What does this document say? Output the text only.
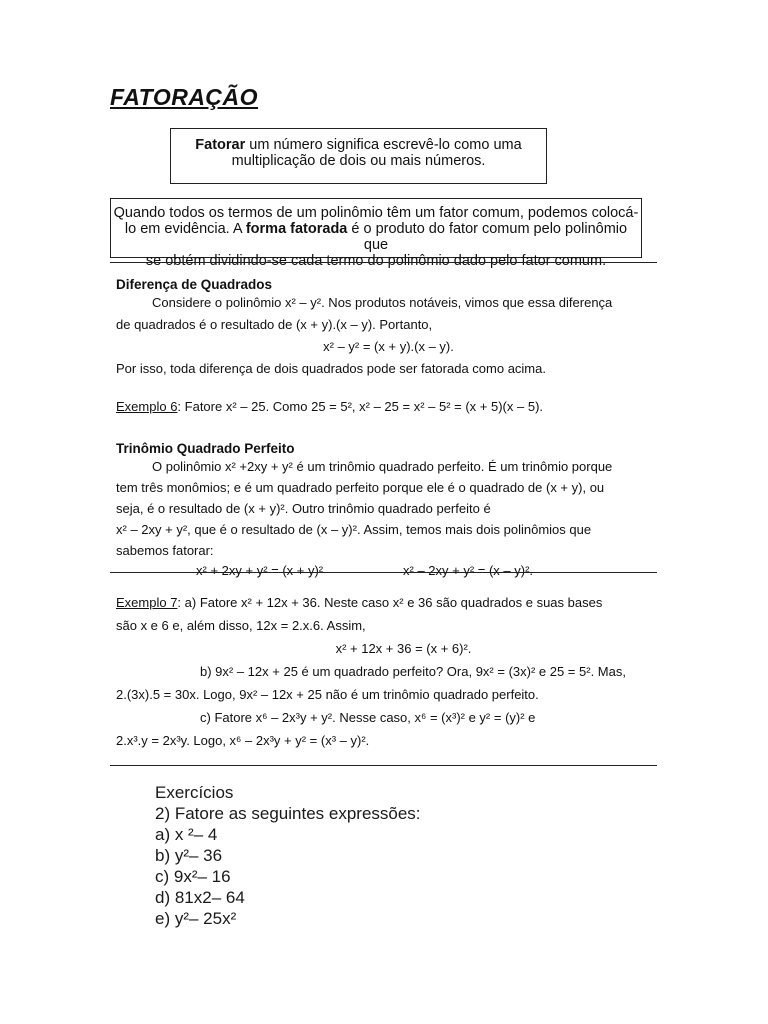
FATORAÇÃO
Fatorar um número significa escrevê-lo como uma
multiplicação de dois ou mais números.
Quando todos os termos de um polinômio têm um fator comum, podemos colocá-
lo em evidência. A forma fatorada é o produto do fator comum pelo polinômio que
se obtém dividindo-se cada termo do polinômio dado pelo fator comum.
Diferença de Quadrados
Considere o polinômio x² – y². Nos produtos notáveis, vimos que essa diferença
de quadrados é o resultado de (x + y).(x – y). Portanto,
x² – y² = (x + y).(x – y).
Por isso, toda diferença de dois quadrados pode ser fatorada como acima.
Exemplo 6: Fatore x² – 25. Como 25 = 5², x² – 25 = x² – 5² = (x + 5)(x – 5).
Trinômio Quadrado Perfeito
O polinômio x² +2xy + y² é um trinômio quadrado perfeito. É um trinômio porque
tem três monômios; e é um quadrado perfeito porque ele é o quadrado de (x + y), ou
seja, é o resultado de (x + y)². Outro trinômio quadrado perfeito é
x² – 2xy + y², que é o resultado de (x – y)². Assim, temos mais dois polinômios que
sabemos fatorar:
x² + 2xy + y² = (x + y)²	x² – 2xy + y² = (x – y)².
Exemplo 7: a) Fatore x² + 12x + 36. Neste caso x² e 36 são quadrados e suas bases
são x e 6 e, além disso, 12x = 2.x.6. Assim,
x² + 12x + 36 = (x + 6)².
b) 9x² – 12x + 25 é um quadrado perfeito? Ora, 9x² = (3x)² e 25 = 5². Mas,
2.(3x).5 = 30x. Logo, 9x² – 12x + 25 não é um trinômio quadrado perfeito.
c) Fatore x⁶ – 2x³y + y². Nesse caso, x⁶ = (x³)² e y² = (y)² e
2.x³.y = 2x³y. Logo, x⁶ – 2x³y + y² = (x³ – y)².
Exercícios
2) Fatore as seguintes expressões:
a) x ²– 4
b) y²– 36
c) 9x²– 16
d) 81x2– 64
e) y²– 25x²
